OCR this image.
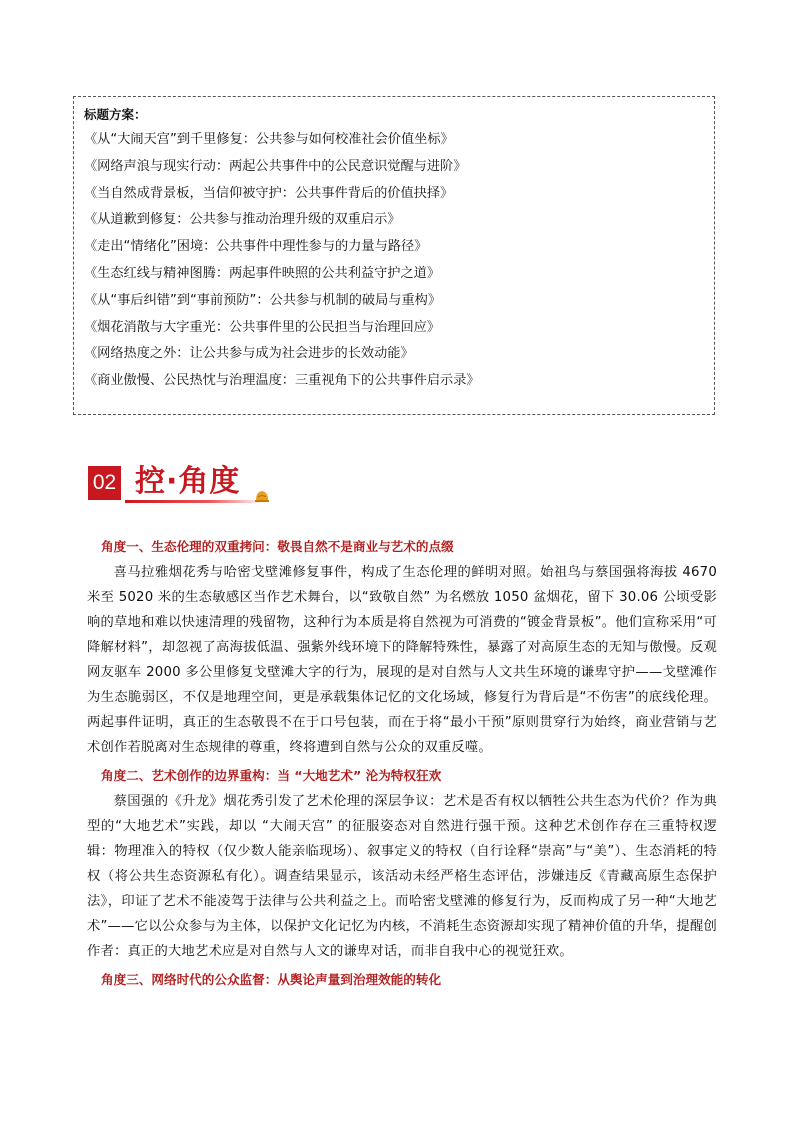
标题方案：
《从“大闹天宫”到千里修复：公共参与如何校准社会价值坐标》
《网络声浪与现实行动：两起公共事件中的公民意识觉醒与进阶》
《当自然成背景板，当信仰被守护：公共事件背后的价值抉择》
《从道歉到修复：公共参与推动治理升级的双重启示》
《走出“情绪化”困境：公共事件中理性参与的力量与路径》
《生态红线与精神图腾：两起事件映照的公共利益守护之道》
《从“事后纠错”到“事前预防”：公共参与机制的破局与重构》
《烟花消散与大字重光：公共事件里的公民担当与治理回应》
《网络热度之外：让公共参与成为社会进步的长效动能》
《商业傲慢、公民热忱与治理温度：三重视角下的公共事件启示录》
02 控·角度
角度一、生态伦理的双重拷问：敬畏自然不是商业与艺术的点缀

喜马拉雅烟花秀与哈密戈壁滩修复事件，构成了生态伦理的鲜明对照。始祖鸟与蔡国强将海拔 4670 米至 5020 米的生态敏感区当作艺术舞台，以“致敬自然” 为名燃放 1050 盆烟花，留下 30.06 公顷受影响的草地和难以快速清理的残留物，这种行为本质是将自然视为可消费的“镀金背景板”。他们宣称采用“可降解材料”，却忽视了高海拔低温、强紫外线环境下的降解特殊性，暴露了对高原生态的无知与傲慢。反观网友驱车 2000 多公里修复戈壁滩大字的行为，展现的是对自然与人文共生环境的谦卑守护——戈壁滩作为生态脆弱区，不仅是地理空间，更是承载集体记忆的文化场域，修复行为背后是“不伤害”的底线伦理。两起事件证明，真正的生态敬畏不在于口号包装，而在于将“最小干预”原则贯穿行为始终，商业营销与艺术创作若脱离对生态规律的尊重，终将遭到自然与公众的双重反噬。

角度二、艺术创作的边界重构：当 “大地艺术” 沦为特权狂欢

蔡国强的《升龙》烟花秀引发了艺术伦理的深层争议：艺术是否有权以牺牲公共生态为代价？作为典型的“大地艺术”实践，却以 “大闹天宫” 的征服姿态对自然进行强干预。这种艺术创作存在三重特权逻辑：物理准入的特权（仅少数人能亲临现场）、叙事定义的特权（自行诠释“崇高”与“美”）、生态消耗的特权（将公共生态资源私有化）。调查结果显示，该活动未经严格生态评估，涉嫌违反《青藏高原生态保护法》，印证了艺术不能凌驾于法律与公共利益之上。而哈密戈壁滩的修复行为，反而构成了另一种“大地艺术”——它以公众参与为主体，以保护文化记忆为内核，不消耗生态资源却实现了精神价值的升华，提醒创作者：真正的大地艺术应是对自然与人文的谦卑对话，而非自我中心的视觉狂欢。

角度三、网络时代的公众监督：从舆论声量到治理效能的转化
